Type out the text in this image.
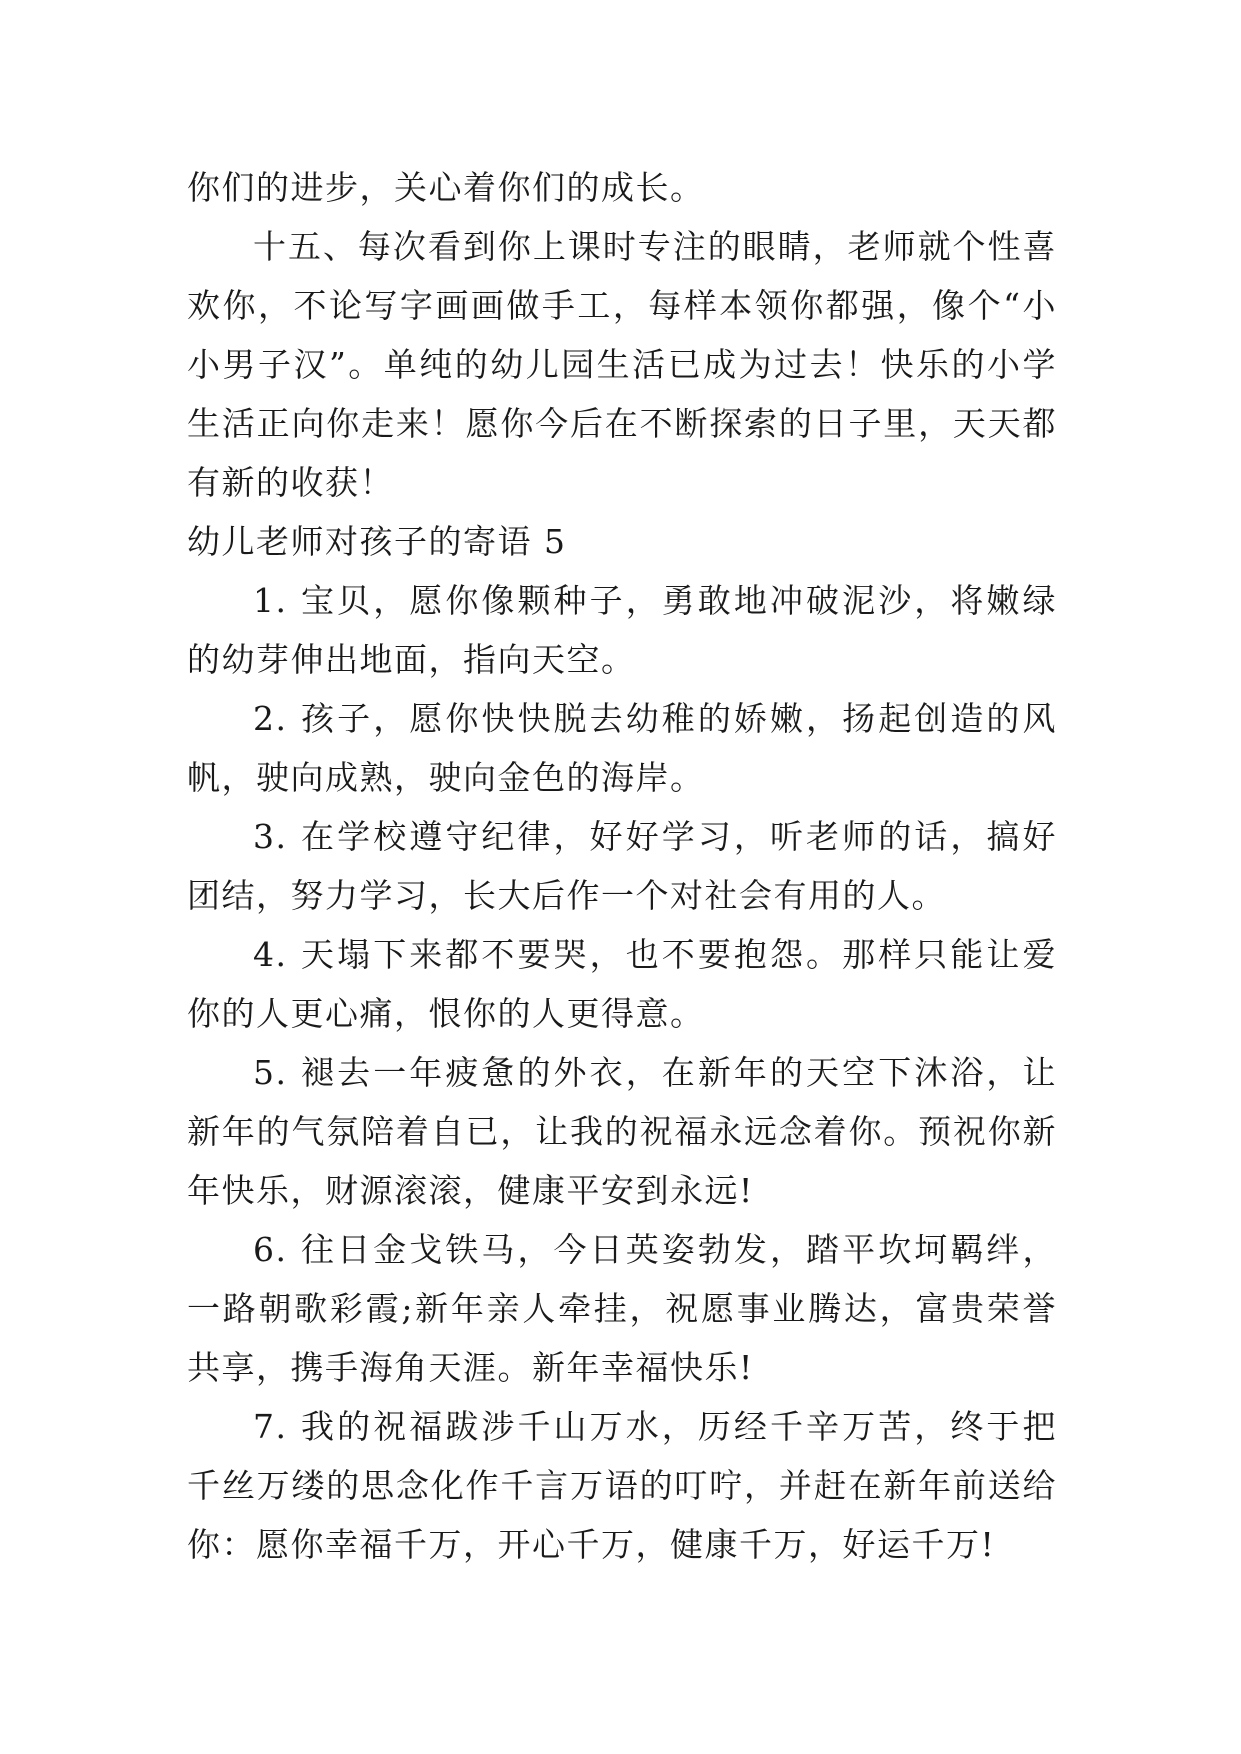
你们的进步，关心着你们的成长。

十五、每次看到你上课时专注的眼睛，老师就个性喜欢你，不论写字画画做手工，每样本领你都强，像个“小小男子汉”。单纯的幼儿园生活已成为过去！快乐的小学生活正向你走来！愿你今后在不断探索的日子里，天天都有新的收获！

幼儿老师对孩子的寄语 5

1. 宝贝，愿你像颗种子，勇敢地冲破泥沙，将嫩绿的幼芽伸出地面，指向天空。

2. 孩子，愿你快快脱去幼稚的娇嫩，扬起创造的风帆，驶向成熟，驶向金色的海岸。

3. 在学校遵守纪律，好好学习，听老师的话，搞好团结，努力学习，长大后作一个对社会有用的人。

4. 天塌下来都不要哭，也不要抱怨。那样只能让爱你的人更心痛，恨你的人更得意。

5. 褪去一年疲惫的外衣，在新年的天空下沐浴，让新年的气氛陪着自已，让我的祝福永远念着你。预祝你新年快乐，财源滚滚，健康平安到永远!

6. 往日金戈铁马，今日英姿勃发，踏平坎坷羁绊，一路朝歌彩霞;新年亲人牵挂，祝愿事业腾达，富贵荣誉共享，携手海角天涯。新年幸福快乐!

7. 我的祝福跋涉千山万水，历经千辛万苦，终于把千丝万缕的思念化作千言万语的叮咛，并赶在新年前送给你：愿你幸福千万，开心千万，健康千万，好运千万!
